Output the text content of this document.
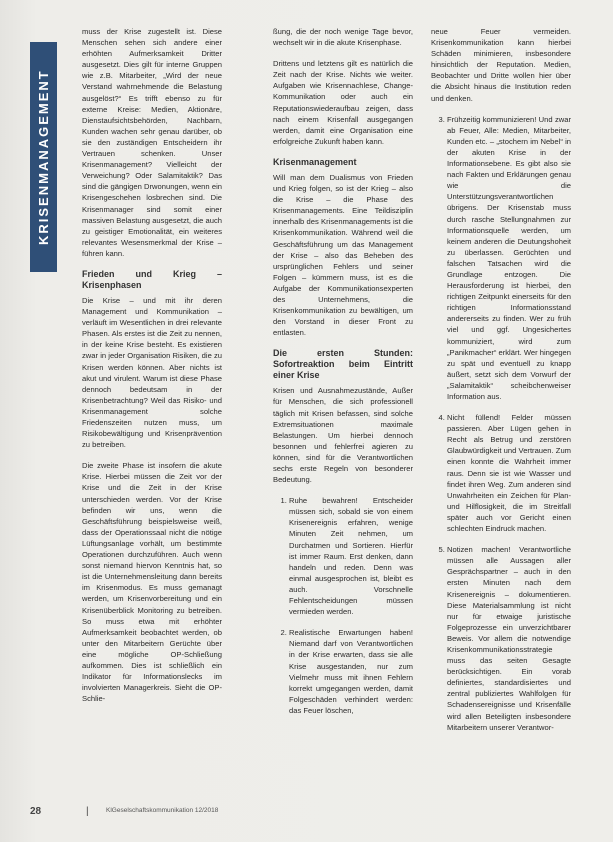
KRISENMANAGEMENT

muss der Krise zugestellt ist. Diese Menschen sehen sich andere einer erhöhten Aufmerksamkeit Dritter ausgesetzt. Dies gilt für interne Gruppen wie z.B. Mitarbeiter, „Wird der neue Verstand wahrnehmende die Belastung ausgelöst?“ Es trifft ebenso zu für externe Kreise: Medien, Aktionäre, Dienstaufsichtsbehörden, Nachbarn, Kunden wachen sehr genau darüber, ob sie den zuständigen Entscheidern ihr Vertrauen schenken. Unser Krisenmanagement? Vielleicht der Verweichung? Oder Salamitaktik? Das sind die gängigen Drwonungen, wenn ein Krisengeschehen losbrechen sind. Die Krisenmanager sind somit einer massiven Belastung ausgesetzt, die auch zu geistiger Emotionalität, ein weiteres relevantes Wesensmerkmal der Krise – führen kann.

Frieden und Krieg – Krisenphasen

Die Krise – und mit ihr deren Management und Kommunikation – verläuft im Wesentlichen in drei relevante Phasen. Als erstes ist die Zeit zu nennen, in der keine Krise besteht. Es existieren zwar in jeder Organisation Risiken, die zu Krisen werden können. Aber nichts ist akut und virulent. Warum ist diese Phase dennoch bedeutsam in der Krisenbetrachtung? Weil das Risiko- und Krisenmanagement solche Friedenszeiten nutzen muss, um Risikobewältigung und Krisenprävention zu betreiben.

Die zweite Phase ist insofern die akute Krise. Hierbei müssen die Zeit vor der Krise und die Zeit in der Krise unterschieden werden. Vor der Krise befinden wir uns, wenn die Geschäftsführung beispielsweise weiß, dass der Operationssaal nicht die nötige Lüftungsanlage vorhält, um bestimmte Operationen durchzuführen. Auch wenn sonst niemand hiervon Kenntnis hat, so ist die Unternehmensleitung dann bereits im Krisenmodus. Es muss gemanagt werden, um Krisenvorbereitung und ein Krisenüberblick Monitoring zu betreiben. So muss etwa mit erhöhter Aufmerksamkeit beobachtet werden, ob unter den Mitarbeitern Gerüchte über eine mögliche OP-Schließung aufkommen. Dies ist schließlich ein Indikator für Informationslecks im involvierten Managerkreis. Sieht die OP-Schlie-

ßung, die der noch wenige Tage bevor, wechselt wir in die akute Krisenphase.

Drittens und letztens gilt es natürlich die Zeit nach der Krise. Nichts wie weiter. Aufgaben wie Krisennachlese, Change-Kommunikation oder auch ein Reputationswiederaufbau zeigen, dass nach einem Krisenfall ausgegangen werden, damit eine Organisation eine erfolgreiche Zukunft haben kann.

Krisenmanagement

Will man dem Dualismus von Frieden und Krieg folgen, so ist der Krieg – also die Krise – die Phase des Krisenmanagements. Eine Teildisziplin innerhalb des Krisenmanagements ist die Krisenkommunikation. Während weil die Geschäftsführung um das Management der Krise – also das Beheben des ursprünglichen Fehlers und seiner Folgen – kümmern muss, ist es die Aufgabe der Kommunikationsexperten des Unternehmens, die Krisenkommunikation zu bewältigen, um den Vorstand in dieser Front zu entlasten.

Die ersten Stunden: Sofortreaktion beim Eintritt einer Krise

Krisen und Ausnahmezustände, Außer für Menschen, die sich professionell täglich mit Krisen befassen, sind solche Extremsituationen maximale Belastungen. Um hierbei dennoch besonnen und fehlerfrei agieren zu können, sind für die Verantwortlichen sechs erste Regeln von besonderer Bedeutung.

1. Ruhe bewahren! Entscheider müssen sich, sobald sie von einem Krisenereignis erfahren, wenige Minuten Zeit nehmen, um Durchatmen und Sortieren. Hierfür ist immer Raum. Erst denken, dann handeln und reden. Denn was einmal ausgesprochen ist, bleibt es auch. Vorschnelle Fehlentscheidungen müssen vermieden werden.
2. Realistische Erwartungen haben! Niemand darf von Verantwortlichen in der Krise erwarten, dass sie alle Krise ausgestanden, nur zum Vielmehr muss mit ihnen Fehlern korrekt umgegangen werden, damit Folgeschäden verhindert werden: das Feuer löschen,

neue Feuer vermeiden. Krisenkommunikation kann hierbei Schäden minimieren, insbesondere hinsichtlich der Reputation. Medien, Beobachter und Dritte wollen hier über die Absicht hinaus die Institution reden und denken.

3. Frühzeitig kommunizieren! Und zwar ab Feuer, Alle: Medien, Mitarbeiter, Kunden etc. – „stochern im Nebel“ in der akuten Krise in der Informationsebene. Es gibt also sie nach Fakten und Erklärungen genau wie die Unterstützungsverantwortlichen übrigens. Der Krisenstab muss durch rasche Stellungnahmen zur Informationsquelle werden, um keinem anderen die Deutungshoheit zu überlassen. Gerüchten und falschen Tatsachen wird die Grundlage entzogen. Die Herausforderung ist hierbei, den richtigen Zeitpunkt einerseits für den richtigen Informationsstand andererseits zu finden. Wer zu früh viel und ggf. Ungesichertes kommuniziert, wird zum „Panikmacher“ erklärt. Wer hingegen zu spät und eventuell zu knapp äußert, setzt sich dem Vorwurf der „Salamitaktik“ scheibchenweiser Information aus.
4. Nicht füllend! Felder müssen passieren. Aber Lügen gehen in Recht als Betrug und zerstören Glaubwürdigkeit und Vertrauen. Zum einen konnte die Wahrheit immer raus. Denn sie ist wie Wasser und findet ihren Weg. Zum anderen sind Unwahrheiten ein Zeichen für Plan- und Hilflosigkeit, die im Streitfall später auch vor Gericht einen schlechten Eindruck machen.
5. Notizen machen! Verantwortliche müssen alle Aussagen aller Gesprächspartner – auch in den ersten Minuten nach dem Krisenereignis – dokumentieren. Diese Materialsammlung ist nicht nur für etwaige juristische Folgeprozesse ein unverzichtbarer Beweis. Vor allem die notwendige Krisenkommunikationsstrategie muss das seiten Gesagte berücksichtigen. Ein vorab definiertes, standardisiertes und zentral publiziertes Wahlfolgen für Schadensereignisse und Krisenfälle wird allen Beteiligten insbesondere Mitarbeitern unserer Verantwor-
28	|	KlGeselschaftskommunikation 12/2018
